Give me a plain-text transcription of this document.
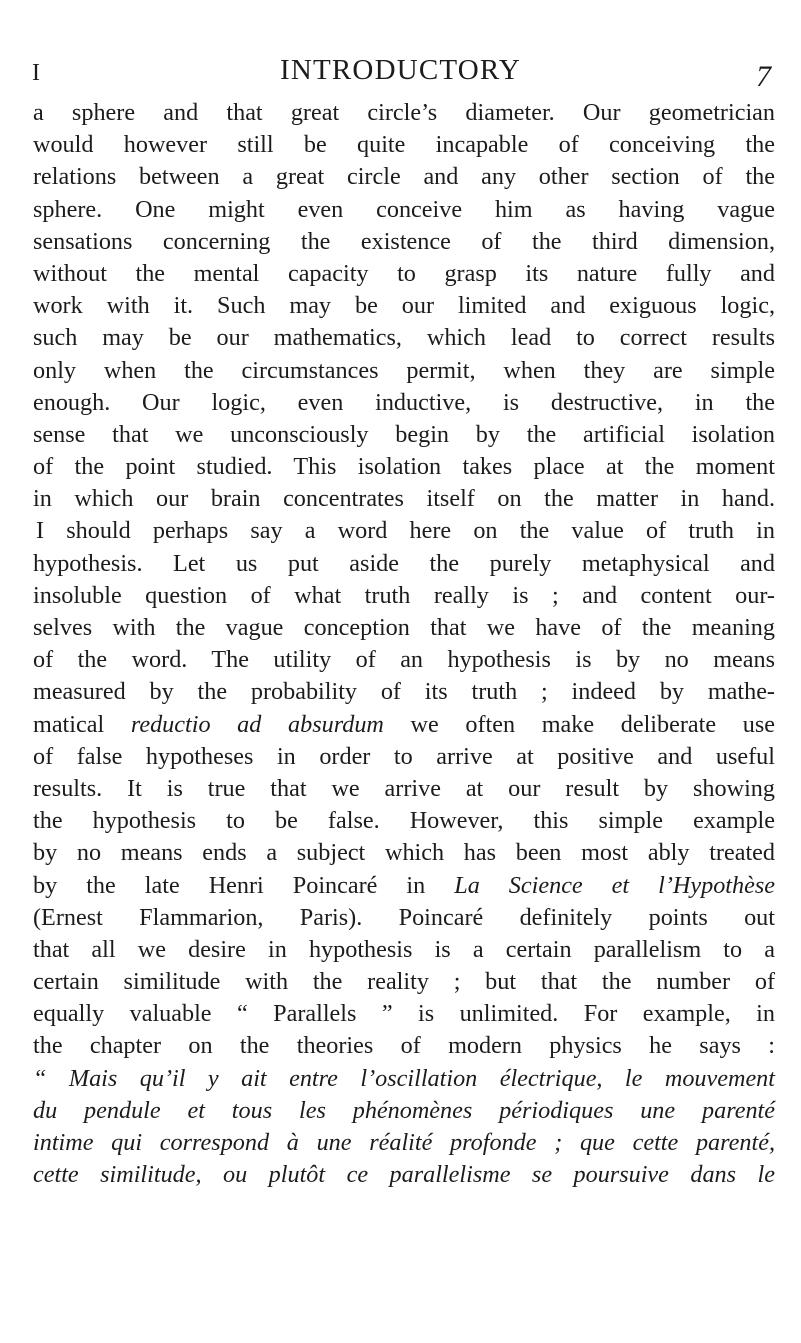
I	INTRODUCTORY	7
a sphere and that great circle’s diameter. Our geometrician
would however still be quite incapable of conceiving the
relations between a great circle and any other section of the
sphere. One might even conceive him as having vague
sensations concerning the existence of the third dimension,
without the mental capacity to grasp its nature fully and
work with it. Such may be our limited and exiguous logic,
such may be our mathematics, which lead to correct results
only when the circumstances permit, when they are simple
enough. Our logic, even inductive, is destructive, in the
sense that we unconsciously begin by the artificial isolation
of the point studied. This isolation takes place at the moment
in which our brain concentrates itself on the matter in hand.
I should perhaps say a word here on the value of truth in
hypothesis. Let us put aside the purely metaphysical and
insoluble question of what truth really is ; and content our-
selves with the vague conception that we have of the meaning
of the word. The utility of an hypothesis is by no means
measured by the probability of its truth ; indeed by mathe-
matical reductio ad absurdum we often make deliberate use
of false hypotheses in order to arrive at positive and useful
results. It is true that we arrive at our result by showing
the hypothesis to be false. However, this simple example
by no means ends a subject which has been most ably treated
by the late Henri Poincaré in La Science et l’Hypothèse
(Ernest Flammarion, Paris). Poincaré definitely points out
that all we desire in hypothesis is a certain parallelism to a
certain similitude with the reality ; but that the number of
equally valuable “ Parallels ” is unlimited. For example, in
the chapter on the theories of modern physics he says :
“ Mais qu’il y ait entre l’oscillation électrique, le mouvement
du pendule et tous les phénomènes périodiques une parenté
intime qui correspond à une réalité profonde ; que cette parenté,
cette similitude, ou plutôt ce parallelisme se poursuive dans le
